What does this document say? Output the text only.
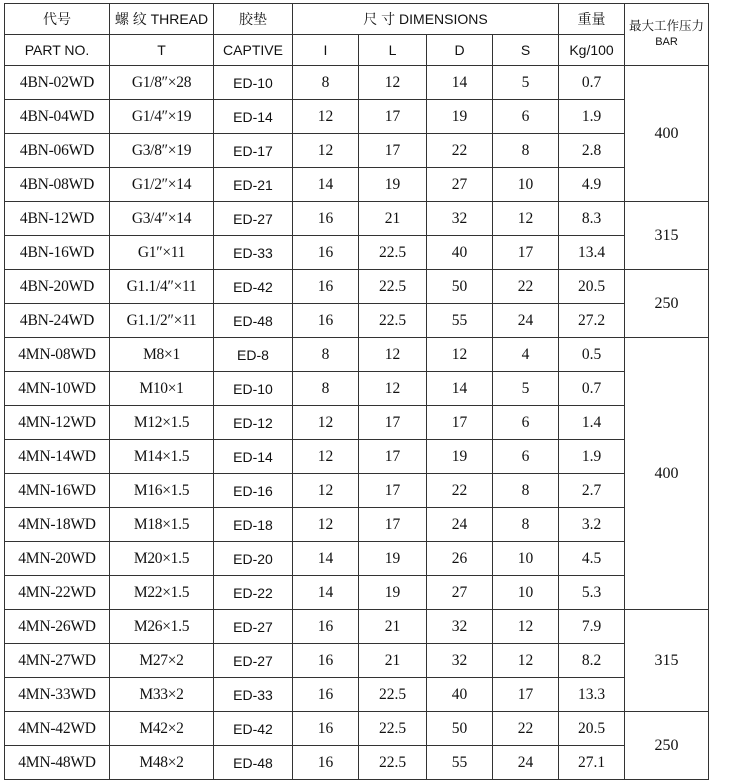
代号	螺 纹 THREAD	胶垫	尺 寸 DIMENSIONS				重量	最大工作压力
BAR
PART NO.	T	CAPTIVE	I	L	D	S	Kg/100	
4BN-02WD	G1/8″×28	ED-10	8	12	14	5	0.7	400
4BN-04WD	G1/4″×19	ED-14	12	17	19	6	1.9	
4BN-06WD	G3/8″×19	ED-17	12	17	22	8	2.8	
4BN-08WD	G1/2″×14	ED-21	14	19	27	10	4.9	
4BN-12WD	G3/4″×14	ED-27	16	21	32	12	8.3	315
4BN-16WD	G1″×11	ED-33	16	22.5	40	17	13.4	
4BN-20WD	G1.1/4″×11	ED-42	16	22.5	50	22	20.5	250
4BN-24WD	G1.1/2″×11	ED-48	16	22.5	55	24	27.2	
4MN-08WD	M8×1	ED-8	8	12	12	4	0.5	400
4MN-10WD	M10×1	ED-10	8	12	14	5	0.7	
4MN-12WD	M12×1.5	ED-12	12	17	17	6	1.4	
4MN-14WD	M14×1.5	ED-14	12	17	19	6	1.9	
4MN-16WD	M16×1.5	ED-16	12	17	22	8	2.7	
4MN-18WD	M18×1.5	ED-18	12	17	24	8	3.2	
4MN-20WD	M20×1.5	ED-20	14	19	26	10	4.5	
4MN-22WD	M22×1.5	ED-22	14	19	27	10	5.3	
4MN-26WD	M26×1.5	ED-27	16	21	32	12	7.9	315
4MN-27WD	M27×2	ED-27	16	21	32	12	8.2	
4MN-33WD	M33×2	ED-33	16	22.5	40	17	13.3	
4MN-42WD	M42×2	ED-42	16	22.5	50	22	20.5	250
4MN-48WD	M48×2	ED-48	16	22.5	55	24	27.1	
